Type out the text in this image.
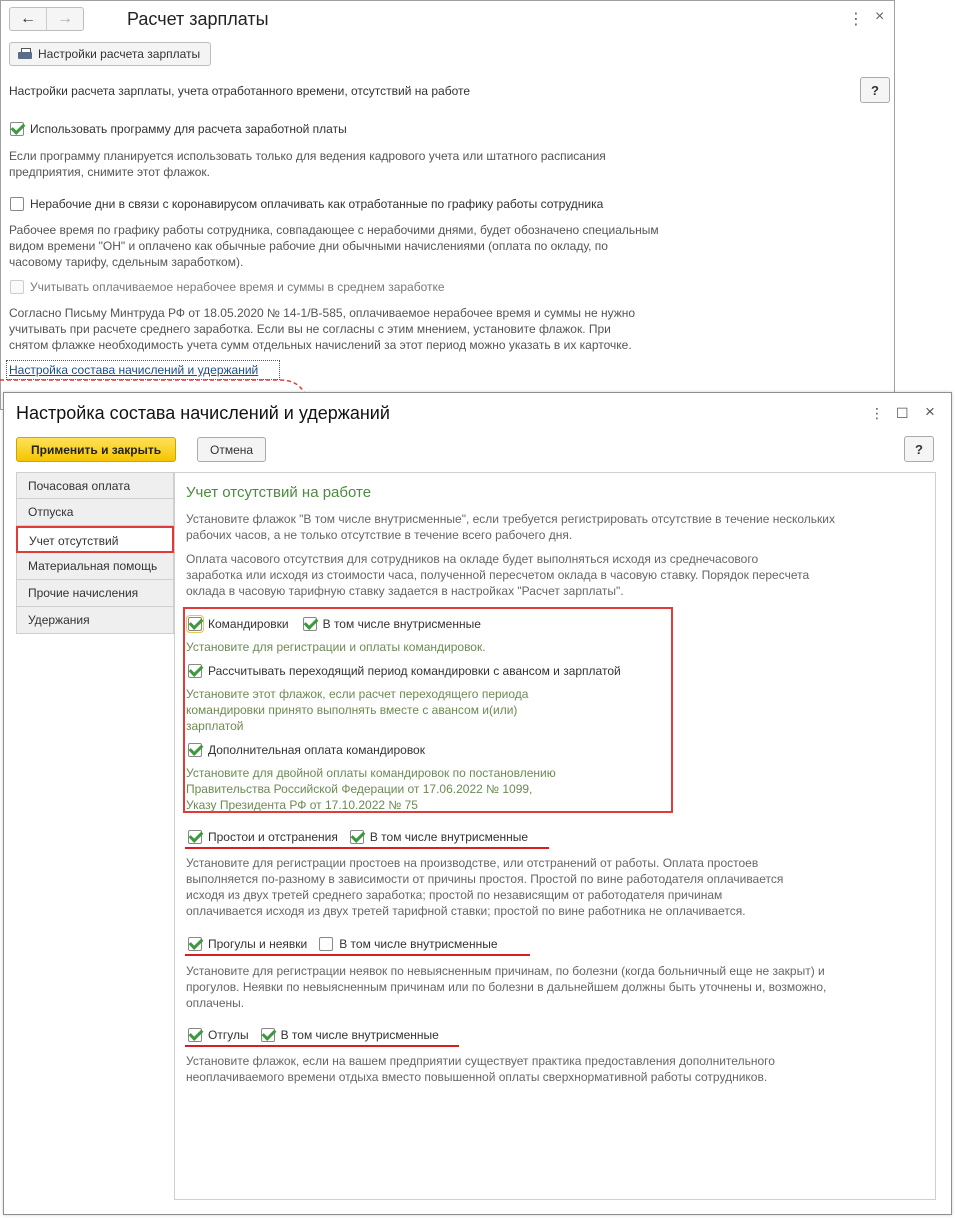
←	→	Расчет зарплаты	⋮ ×
Настройки расчета зарплаты
Настройки расчета зарплаты, учета отработанного времени, отсутствий на работе	?
Использовать программу для расчета заработной платы
Если программу планируется использовать только для ведения кадрового учета или штатного расписания
предприятия, снимите этот флажок.
Нерабочие дни в связи с коронавирусом оплачивать как отработанные по графику работы сотрудника
Рабочее время по графику работы сотрудника, совпадающее с нерабочими днями, будет обозначено специальным
видом времени "ОН" и оплачено как обычные рабочие дни обычными начислениями (оплата по окладу, по
часовому тарифу, сдельным заработком).
Учитывать оплачиваемое нерабочее время и суммы в среднем заработке
Согласно Письму Минтруда РФ от 18.05.2020 № 14-1/В-585, оплачиваемое нерабочее время и суммы не нужно
учитывать при расчете среднего заработка. Если вы не согласны с этим мнением, установите флажок. При
снятом флажке необходимость учета сумм отдельных начислений за этот период можно указать в их карточке.
Настройка состава начислений и удержаний
Настройка состава начислений и удержаний	⋮ ☐ ×
Применить и закрыть	Отмена	?
Почасовая оплата
Отпуска
Учет отсутствий
Материальная помощь
Прочие начисления
Удержания
Учет отсутствий на работе
Установите флажок "В том числе внутрисменные", если требуется регистрировать отсутствие в течение нескольких
рабочих часов, а не только отсутствие в течение всего рабочего дня.
Оплата часового отсутствия для сотрудников на окладе будет выполняться исходя из среднечасового
заработка или исходя из стоимости часа, полученной пересчетом оклада в часовую ставку. Порядок пересчета
оклада в часовую тарифную ставку задается в настройках "Расчет зарплаты".
Командировки	В том числе внутрисменные
Установите для регистрации и оплаты командировок.
Рассчитывать переходящий период командировки с авансом и зарплатой
Установите этот флажок, если расчет переходящего периода
командировки принято выполнять вместе с авансом и(или)
зарплатой
Дополнительная оплата командировок
Установите для двойной оплаты командировок по постановлению
Правительства Российской Федерации от 17.06.2022 № 1099,
Указу Президента РФ от 17.10.2022 № 75
Простои и отстранения	В том числе внутрисменные
Установите для регистрации простоев на производстве, или отстранений от работы. Оплата простоев
выполняется по-разному в зависимости от причины простоя. Простой по вине работодателя оплачивается
исходя из двух третей среднего заработка; простой по независящим от работодателя причинам
оплачивается исходя из двух третей тарифной ставки; простой по вине работника не оплачивается.
Прогулы и неявки	В том числе внутрисменные
Установите для регистрации неявок по невыясненным причинам, по болезни (когда больничный еще не закрыт) и
прогулов. Неявки по невыясненным причинам или по болезни в дальнейшем должны быть уточнены и, возможно,
оплачены.
Отгулы	В том числе внутрисменные
Установите флажок, если на вашем предприятии существует практика предоставления дополнительного
неоплачиваемого времени отдыха вместо повышенной оплаты сверхнормативной работы сотрудников.
